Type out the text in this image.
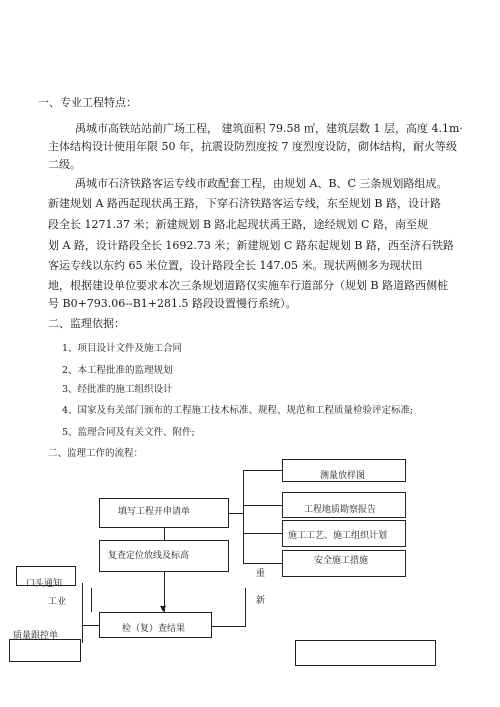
一、专业工程特点：
禹城市高铁站站前广场工程， 建筑面积 79.58 ㎡，建筑层数 1 层，高度 4.1m·
主体结构设计使用年限 50 年，抗震设防烈度按 7 度烈度设防，砌体结构，耐火等级
二级。
禹城市石济铁路客运专线市政配套工程，由规划 A、B、C 三条规划路组成。
新建规划 A 路西起现状禹王路，下穿石济铁路客运专线，东至规划 B 路，设计路
段全长 1271.37 米；新建规划 B 路北起现状禹王路，途经规划 C 路，南至规
划 A 路，设计路段全长 1692.73 米；新建规划 C 路东起规划 B 路，西至济石铁路
客运专线以东约 65 米位置，设计路段全长 147.05 米。现状两侧多为现状田
地，根据建设单位要求本次三条规划道路仅实施车行道部分（规划 B 路道路西侧桩
号 B0+793.06--B1+281.5 路段设置慢行系统）。
二、监理依据：
1、项目设计文件及施工合同
2、本工程批准的监理规划
3、经批准的施工组织设计
4、国家及有关部门颁布的工程施工技术标准、规程、规范和工程质量检验评定标准;
5、监理合同及有关文件、附件;
二、监理工作的流程：
测量放样图
工程地质勘察报告
施工工艺、施工组织计划
安全施工措施
填写工程开申请单
复查定位放线及标高
检（复）查结果
口头通知
工业
质量跟控单
重
新
▼
